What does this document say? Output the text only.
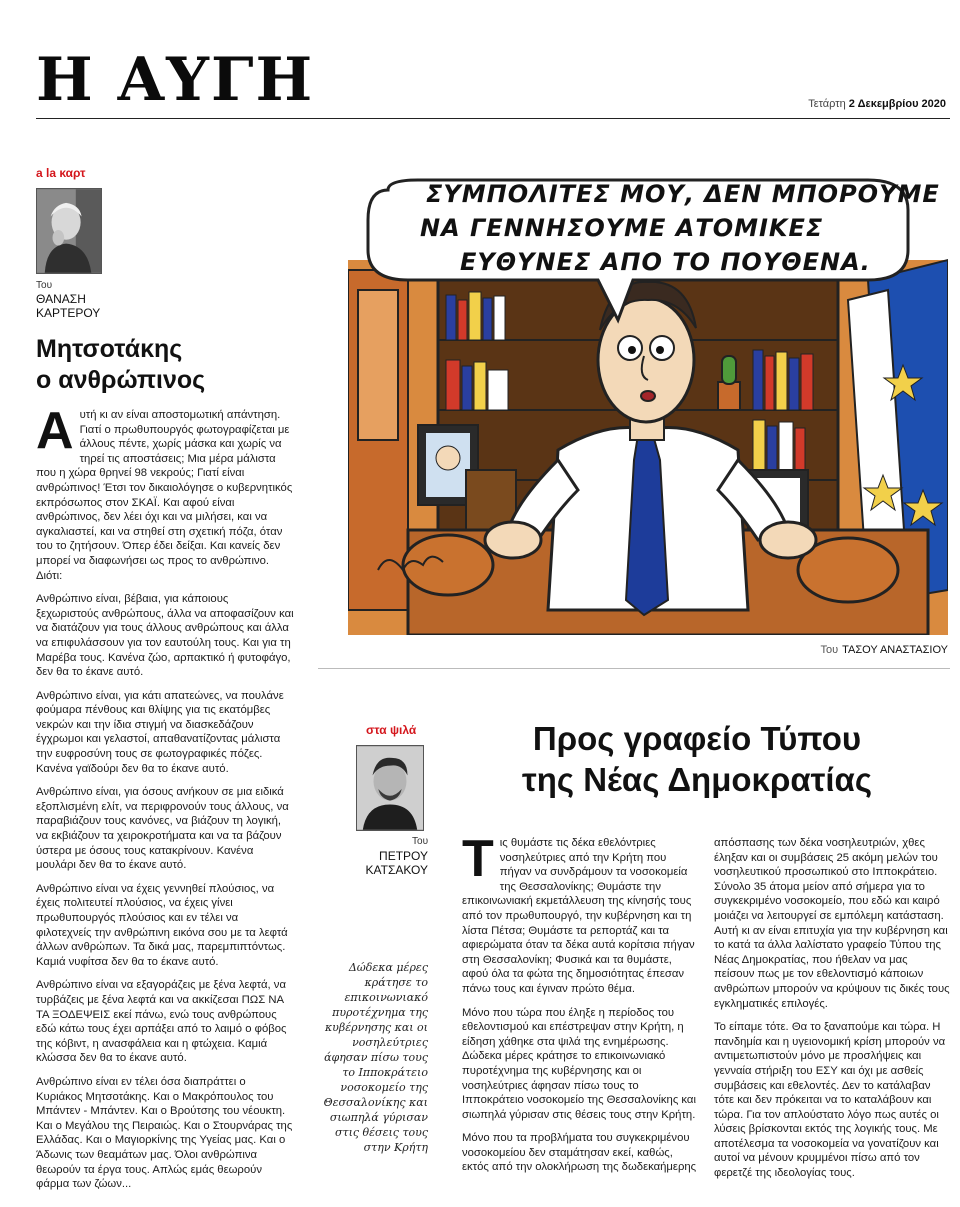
Η ΑΥΓΗ	Τετάρτη 2 Δεκεμβρίου 2020
a la καρτ
Του
ΘΑΝΑΣΗ
ΚΑΡΤΕΡΟΥ
Μητσοτάκης
ο ανθρώπινος

Αυτή κι αν είναι αποστομωτική απάντηση. Γιατί ο πρωθυπουργός φωτογραφίζεται με άλλους πέντε, χωρίς μάσκα και χωρίς να τηρεί τις αποστάσεις; Μια μέρα μάλιστα που η χώρα θρηνεί 98 νεκρούς; Γιατί είναι ανθρώπινος! Έτσι τον δικαιολόγησε ο κυβερνητικός εκπρόσωπος στον ΣΚΑΪ. Και αφού είναι ανθρώπινος, δεν λέει όχι και να μιλήσει, και να αγκαλιαστεί, και να στηθεί στη σχετική πόζα, όταν του το ζητήσουν. Όπερ έδει δείξαι. Και κανείς δεν μπορεί να διαφωνήσει ως προς το ανθρώπινο. Διότι:

Ανθρώπινο είναι, βέβαια, για κάποιους ξεχωριστούς ανθρώπους, άλλα να αποφασίζουν και να διατάζουν για τους άλλους ανθρώπους και άλλα να επιφυλάσσουν για τον εαυτούλη τους. Και για τη Μαρέβα τους. Κανένα ζώο, αρπακτικό ή φυτοφάγο, δεν θα το έκανε αυτό.

Ανθρώπινο είναι, για κάτι απατεώνες, να πουλάνε φούμαρα πένθους και θλίψης για τις εκατόμβες νεκρών και την ίδια στιγμή να διασκεδάζουν έγχρωμοι και γελαστοί, απαθανατίζοντας μάλιστα την ευφροσύνη τους σε φωτογραφικές πόζες. Κανένα γαϊδούρι δεν θα το έκανε αυτό.

Ανθρώπινο είναι, για όσους ανήκουν σε μια ειδικά εξοπλισμένη ελίτ, να περιφρονούν τους άλλους, να παραβιάζουν τους κανόνες, να βιάζουν τη λογική, να εκβιάζουν τα χειροκροτήματα και να τα βάζουν ύστερα με όσους τους κατακρίνουν. Κανένα μουλάρι δεν θα το έκανε αυτό.

Ανθρώπινο είναι να έχεις γεννηθεί πλούσιος, να έχεις πολιτευτεί πλούσιος, να έχεις γίνει πρωθυπουργός πλούσιος και εν τέλει να φιλοτεχνείς την ανθρώπινη εικόνα σου με τα λεφτά άλλων ανθρώπων. Τα δικά μας, παρεμπιπτόντως. Καμιά νυφίτσα δεν θα το έκανε αυτό.

Ανθρώπινο είναι να εξαγοράζεις με ξένα λεφτά, να τυρβάζεις με ξένα λεφτά και να ακκίζεσαι ΠΩΣ ΝΑ ΤΑ ΞΟΔΕΨΕΙΣ εκεί πάνω, ενώ τους ανθρώπους εδώ κάτω τους έχει αρπάξει από το λαιμό ο φόβος της κόβιντ, η ανασφάλεια και η φτώχεια. Καμιά κλώσσα δεν θα το έκανε αυτό.

Ανθρώπινο είναι εν τέλει όσα διαπράττει ο Κυριάκος Μητσοτάκης. Και ο Μακρόπουλος του Μπάντεν - Μπάντεν. Και ο Βρούτσης του νέουκτη. Και ο Μεγάλου της Πειραιώς. Και ο Στουρνάρας της Ελλάδας. Και ο Μαγιορκίνης της Υγείας μας. Και ο Άδωνις των θεαμάτων μας. Όλοι ανθρώπινα θεωρούν τα έργα τους. Απλώς εμάς θεωρούν φάρμα των ζώων...

ΣΥΜΠΟΛΙΤΕΣ ΜΟΥ, ΔΕΝ ΜΠΟΡΟΥΜΕ
ΝΑ ΓΕΝΝΗΣΟΥΜΕ ΑΤΟΜΙΚΕΣ
ΕΥΘΥΝΕΣ ΑΠΟ ΤΟ ΠΟΥΘΕΝΑ.
Του ΤΑΣΟΥ ΑΝΑΣΤΑΣΙΟΥ
στα ψιλά
Του
ΠΕΤΡΟΥ
ΚΑΤΣΑΚΟΥ
Προς γραφείο Τύπου
της Νέας Δημοκρατίας
Δώδεκα μέρες κράτησε το επικοινωνιακό πυροτέχνημα της κυβέρνησης και οι νοσηλεύτριες άφησαν πίσω τους το Ιπποκράτειο νοσοκομείο της Θεσσαλονίκης και σιωπηλά γύρισαν στις θέσεις τους στην Κρήτη

Τις θυμάστε τις δέκα εθελόντριες νοσηλεύτριες από την Κρήτη που πήγαν να συνδράμουν τα νοσοκομεία της Θεσσαλονίκης; Θυμάστε την επικοινωνιακή εκμετάλλευση της κίνησής τους από τον πρωθυπουργό, την κυβέρνηση και τη λίστα Πέτσα; Θυμάστε τα ρεπορτάζ και τα αφιερώματα όταν τα δέκα αυτά κορίτσια πήγαν στη Θεσσαλονίκη; Φυσικά και τα θυμάστε, αφού όλα τα φώτα της δημοσιότητας έπεσαν πάνω τους και έγιναν πρώτο θέμα.

Μόνο που τώρα που έληξε η περίοδος του εθελοντισμού και επέστρεψαν στην Κρήτη, η είδηση χάθηκε στα ψιλά της ενημέρωσης. Δώδεκα μέρες κράτησε το επικοινωνιακό πυροτέχνημα της κυβέρνησης και οι νοσηλεύτριες άφησαν πίσω τους το Ιπποκράτειο νοσοκομείο της Θεσσαλονίκης και σιωπηλά γύρισαν στις θέσεις τους στην Κρήτη.

Μόνο που τα προβλήματα του συγκεκριμένου νοσοκομείου δεν σταμάτησαν εκεί, καθώς, εκτός από την ολοκλήρωση της δωδεκαήμερης

απόσπασης των δέκα νοσηλευτριών, χθες έληξαν και οι συμβάσεις 25 ακόμη μελών του νοσηλευτικού προσωπικού στο Ιπποκράτειο. Σύνολο 35 άτομα μείον από σήμερα για το συγκεκριμένο νοσοκομείο, που εδώ και καιρό μοιάζει να λειτουργεί σε εμπόλεμη κατάσταση. Αυτή κι αν είναι επιτυχία για την κυβέρνηση και το κατά τα άλλα λαλίστατο γραφείο Τύπου της Νέας Δημοκρατίας, που ήθελαν να μας πείσουν πως με τον εθελοντισμό κάποιων ανθρώπων μπορούν να κρύψουν τις δικές τους εγκληματικές επιλογές.

Το είπαμε τότε. Θα το ξαναπούμε και τώρα. Η πανδημία και η υγειονομική κρίση μπορούν να αντιμετωπιστούν μόνο με προσλήψεις και γενναία στήριξη του ΕΣΥ και όχι με ασθείς συμβάσεις και εθελοντές. Δεν το κατάλαβαν τότε και δεν πρόκειται να το καταλάβουν και τώρα. Για τον απλούστατο λόγο πως αυτές οι λύσεις βρίσκονται εκτός της λογικής τους. Με αποτέλεσμα τα νοσοκομεία να γονατίζουν και αυτοί να μένουν κρυμμένοι πίσω από τον φερετζέ της ιδεολογίας τους.
